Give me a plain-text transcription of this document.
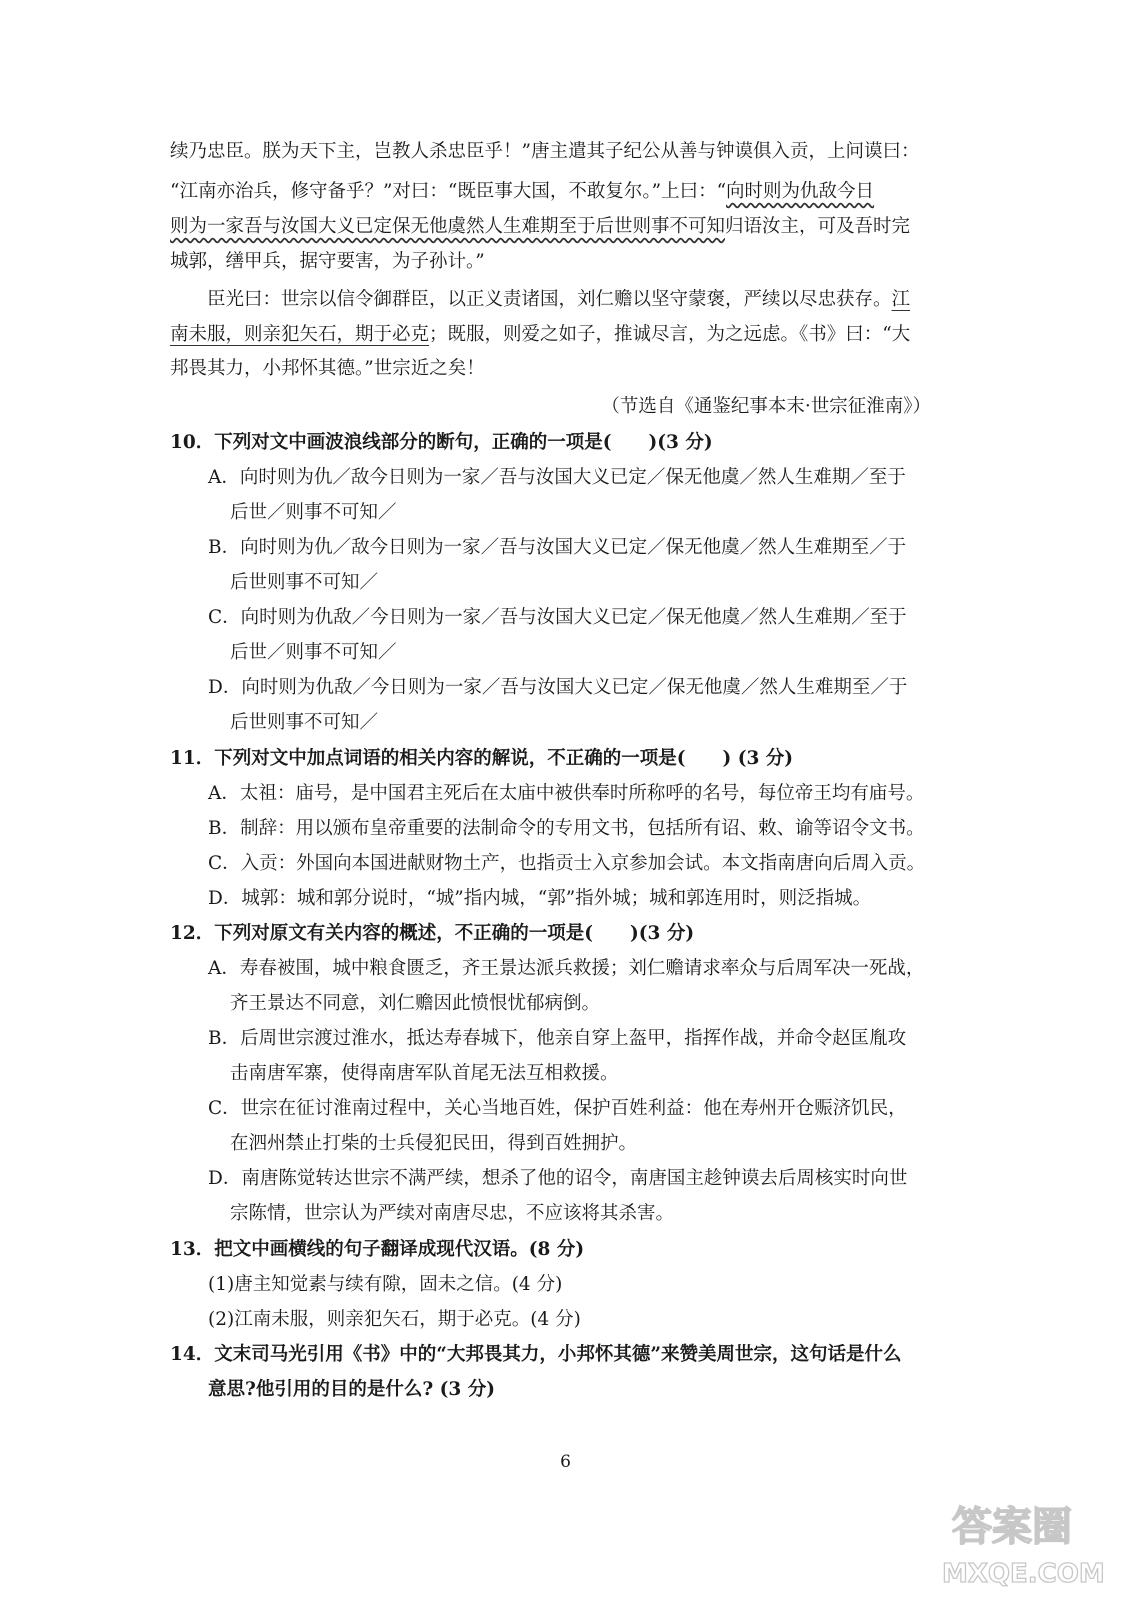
续乃忠臣。朕为天下主，岂教人杀忠臣乎！”唐主遣其子纪公从善与钟谟俱入贡，上问谟曰：
“江南亦治兵，修守备乎？”对曰：“既臣事大国，不敢复尔。”上曰：“向时则为仇敌今日
则为一家吾与汝国大义已定保无他虞然人生难期至于后世则事不可知归语汝主，可及吾时完
城郭，缮甲兵，据守要害，为子孙计。”
臣光曰：世宗以信令御群臣，以正义责诸国，刘仁赡以坚守蒙褒，严续以尽忠获存。江
南未服，则亲犯矢石，期于必克；既服，则爱之如子，推诚尽言，为之远虑。《书》曰：“大
邦畏其力，小邦怀其德。”世宗近之矣！
（节选自《通鉴纪事本末·世宗征淮南》）
10．下列对文中画波浪线部分的断句，正确的一项是(　　)(3 分)
A．向时则为仇／敌今日则为一家／吾与汝国大义已定／保无他虞／然人生难期／至于
后世／则事不可知／
B．向时则为仇／敌今日则为一家／吾与汝国大义已定／保无他虞／然人生难期至／于
后世则事不可知／
C．向时则为仇敌／今日则为一家／吾与汝国大义已定／保无他虞／然人生难期／至于
后世／则事不可知／
D．向时则为仇敌／今日则为一家／吾与汝国大义已定／保无他虞／然人生难期至／于
后世则事不可知／
11．下列对文中加点词语的相关内容的解说，不正确的一项是(　　) (3 分)
A．太祖：庙号，是中国君主死后在太庙中被供奉时所称呼的名号，每位帝王均有庙号。
B．制辞：用以颁布皇帝重要的法制命令的专用文书，包括所有诏、敕、谕等诏令文书。
C．入贡：外国向本国进献财物土产，也指贡士入京参加会试。本文指南唐向后周入贡。
D．城郭：城和郭分说时，“城”指内城，“郭”指外城；城和郭连用时，则泛指城。
12．下列对原文有关内容的概述，不正确的一项是(　　)(3 分)
A．寿春被围，城中粮食匮乏，齐王景达派兵救援；刘仁赡请求率众与后周军决一死战，
齐王景达不同意，刘仁赡因此愤恨忧郁病倒。
B．后周世宗渡过淮水，抵达寿春城下，他亲自穿上盔甲，指挥作战，并命令赵匡胤攻
击南唐军寨，使得南唐军队首尾无法互相救援。
C．世宗在征讨淮南过程中，关心当地百姓，保护百姓利益：他在寿州开仓赈济饥民，
在泗州禁止打柴的士兵侵犯民田，得到百姓拥护。
D．南唐陈觉转达世宗不满严续，想杀了他的诏令，南唐国主趁钟谟去后周核实时向世
宗陈情，世宗认为严续对南唐尽忠，不应该将其杀害。
13．把文中画横线的句子翻译成现代汉语。(8 分)
(1)唐主知觉素与续有隙，固未之信。(4 分)
(2)江南未服，则亲犯矢石，期于必克。(4 分)
14．文末司马光引用《书》中的“大邦畏其力，小邦怀其德”来赞美周世宗，这句话是什么
意思?他引用的目的是什么? (3 分)
6
答案圈
MXQE.COM
